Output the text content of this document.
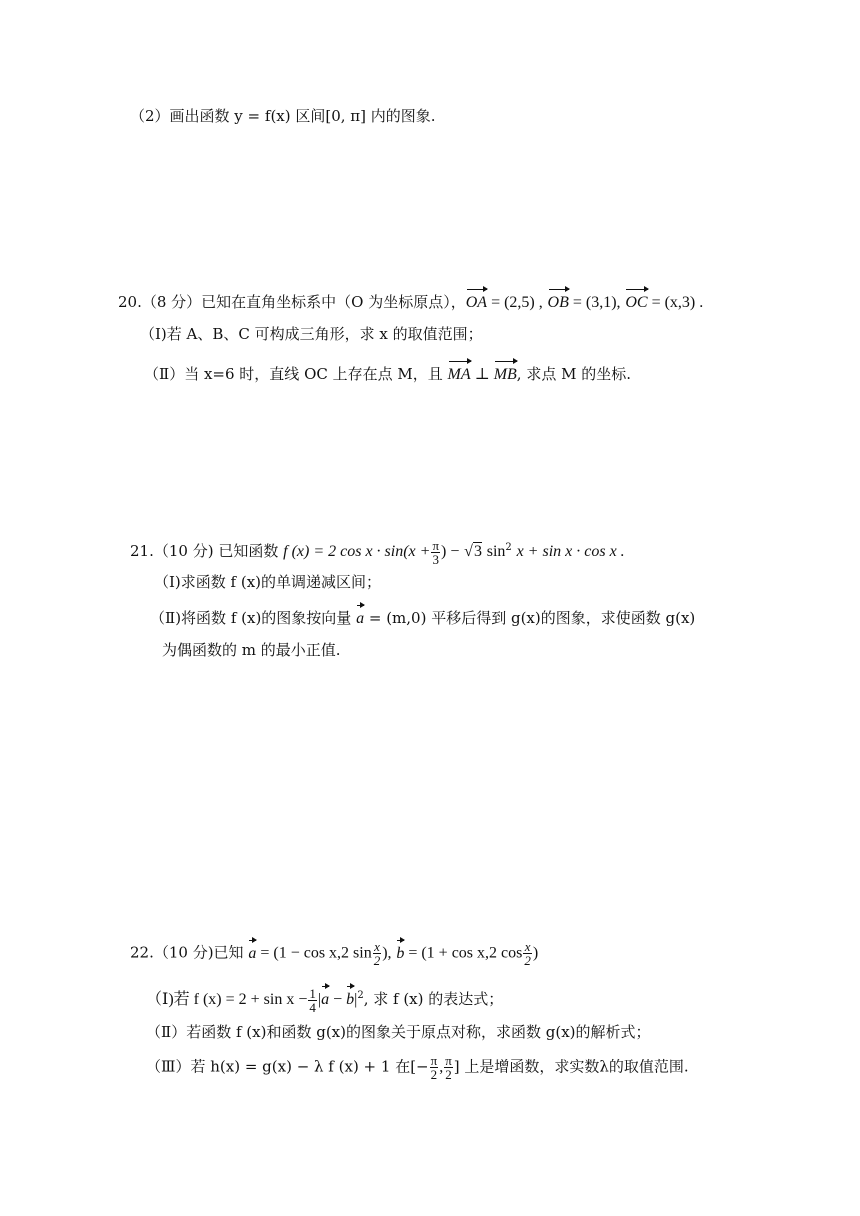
（2）画出函数 y = f(x) 区间[0, π] 内的图象.
20.（8 分）已知在直角坐标系中（O 为坐标原点），OA = (2,5) , OB = (3,1), OC = (x,3) .
（Ⅰ)若 A、B、C 可构成三角形，求 x 的取值范围；
（Ⅱ）当 x=6 时，直线 OC 上存在点 M，且 MA ⊥ MB, 求点 M 的坐标.
21.（10 分) 已知函数 f (x) = 2 $\cos x \cdot \sin(x + \frac{\pi}{3}$ ) − √3 $\sin^2 x + \sin x \cdot \cos x$ .
（Ⅰ)求函数 f (x)的单调递减区间；
（Ⅱ)将函数 f (x)的图象按向量 a = (m,0) 平移后得到 g(x)的图象，求使函数 g(x)
为偶函数的 m 的最小正值.
22.（10 分)已知 a = (1 − cos x,2 $\sin \frac{x}{2}$ ), b = (1 + cos x,2 $\cos \frac{x}{2}$ )
（Ⅰ)若 f $(x) = 2 + \sin x - \frac{1}{4} |a - b|^2$, 求 f (x) 的表达式；
（Ⅱ）若函数 f (x)和函数 g(x)的图象关于原点对称，求函数 g(x)的解析式；
（Ⅲ）若 h(x) = g(x) − λ f (x) + 1 在[− $\frac{\pi}{2}$ , $\frac{\pi}{2}$ ] 上是增函数，求实数λ的取值范围.
